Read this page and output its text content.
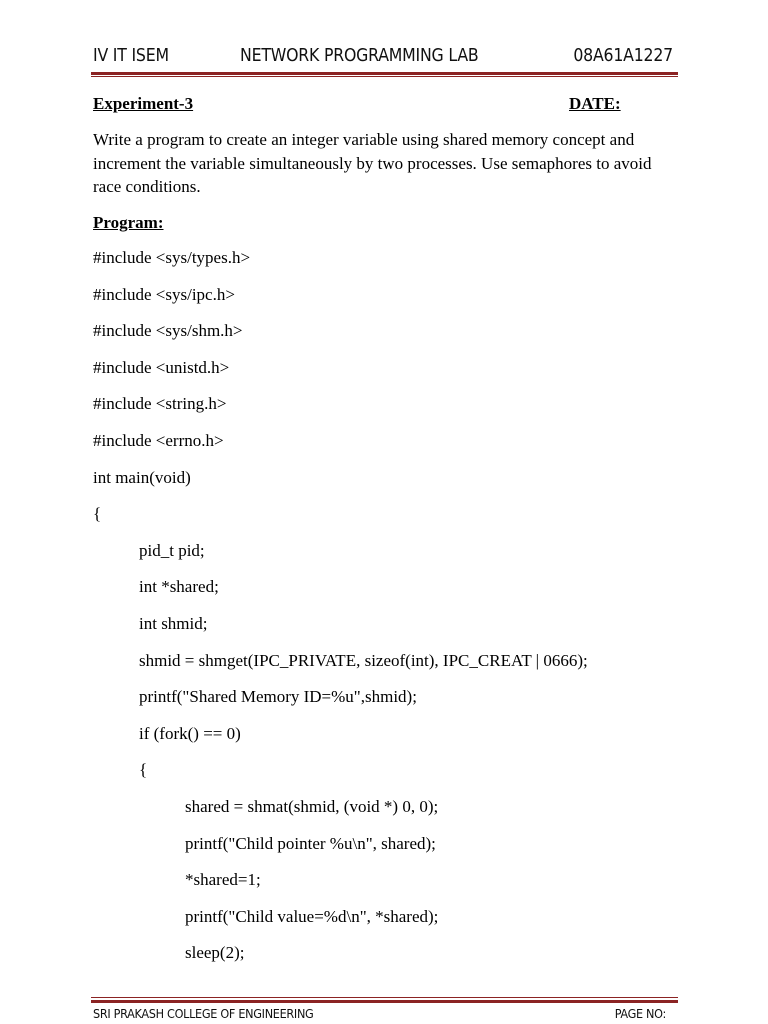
IV IT ISEM	NETWORK PROGRAMMING LAB	08A61A1227
Experiment-3	DATE:
Write a program to create an integer variable using shared memory concept and increment the variable simultaneously by two processes. Use semaphores to avoid race conditions.
Program:
#include <sys/types.h>
#include <sys/ipc.h>
#include <sys/shm.h>
#include <unistd.h>
#include <string.h>
#include <errno.h>
int main(void)
{
pid_t pid;
int *shared;
int shmid;
shmid = shmget(IPC_PRIVATE, sizeof(int), IPC_CREAT | 0666);
printf("Shared Memory ID=%u",shmid);
if (fork() == 0)
{
shared = shmat(shmid, (void *) 0, 0);
printf("Child pointer %u\n", shared);
*shared=1;
printf("Child value=%d\n", *shared);
sleep(2);
SRI PRAKASH COLLEGE OF ENGINEERING	PAGE NO:
